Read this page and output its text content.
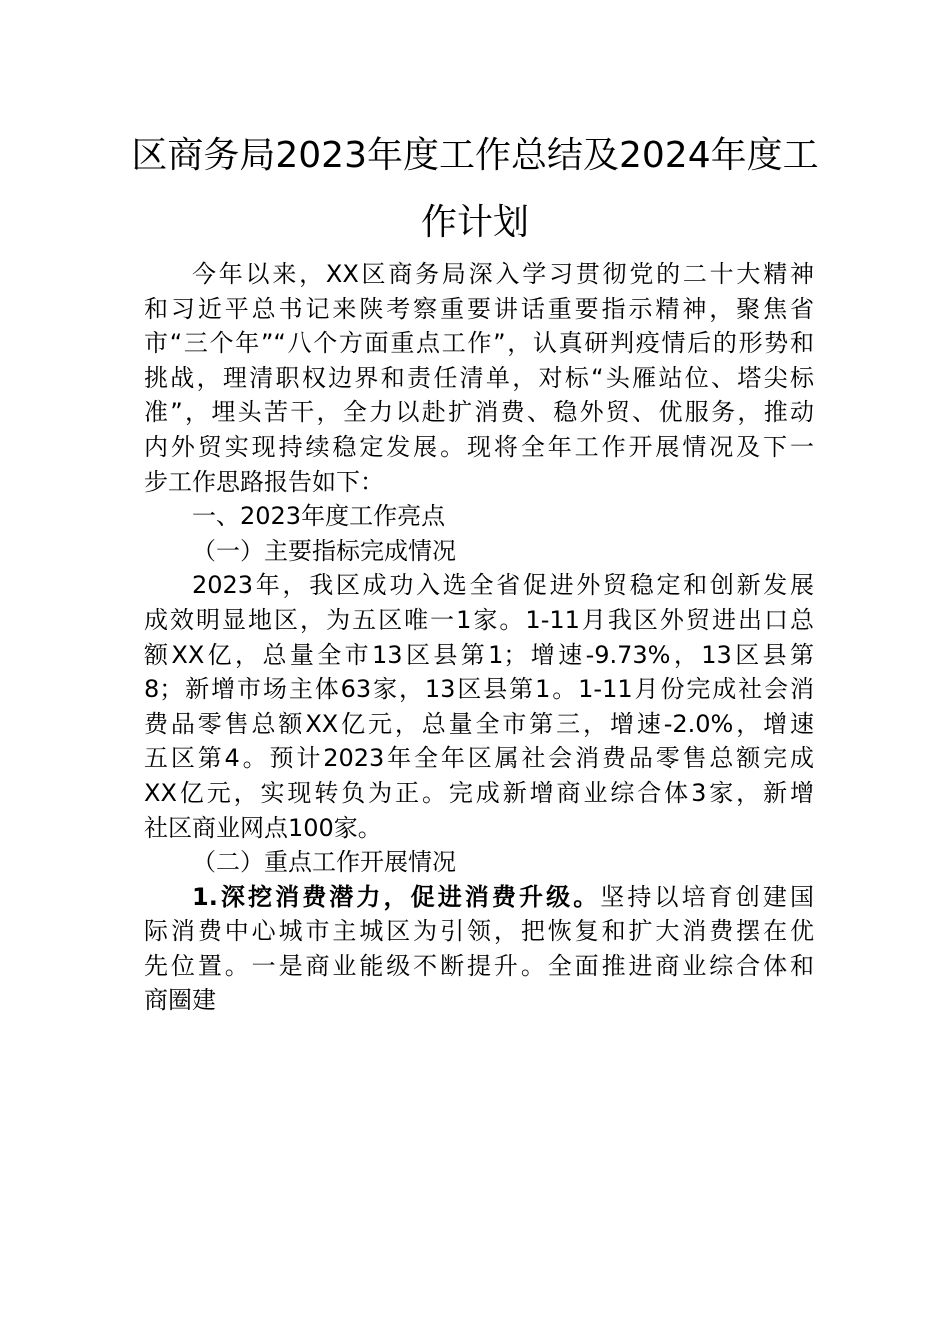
区商务局2023年度工作总结及2024年度工
作计划
今年以来，XX区商务局深入学习贯彻党的二十大精神
和习近平总书记来陕考察重要讲话重要指示精神，聚焦省
市“三个年”“八个方面重点工作”，认真研判疫情后的形势和
挑战，理清职权边界和责任清单，对标“头雁站位、塔尖标
准”，埋头苦干，全力以赴扩消费、稳外贸、优服务，推动
内外贸实现持续稳定发展。现将全年工作开展情况及下一
步工作思路报告如下：
一、2023年度工作亮点
（一）主要指标完成情况
2023年，我区成功入选全省促进外贸稳定和创新发展
成效明显地区，为五区唯一1家。1-11月我区外贸进出口总
额XX亿，总量全市13区县第1；增速-9.73%，13区县第
8；新增市场主体63家，13区县第1。1-11月份完成社会消
费品零售总额XX亿元，总量全市第三，增速-2.0%，增速
五区第4。预计2023年全年区属社会消费品零售总额完成
XX亿元，实现转负为正。完成新增商业综合体3家，新增
社区商业网点100家。
（二）重点工作开展情况
1.深挖消费潜力，促进消费升级。坚持以培育创建国
际消费中心城市主城区为引领，把恢复和扩大消费摆在优
先位置。一是商业能级不断提升。全面推进商业综合体和
商圈建
